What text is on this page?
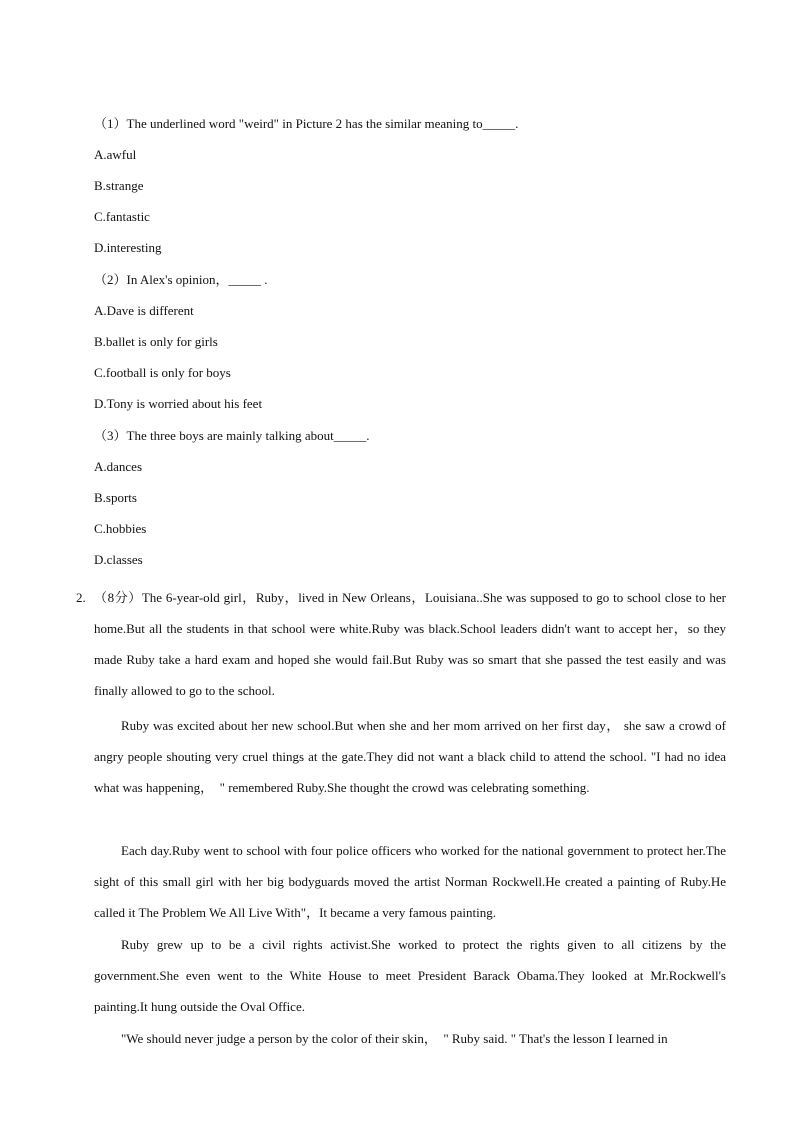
（1）The underlined word "weird" in Picture 2 has the similar meaning to_____.
A.awful
B.strange
C.fantastic
D.interesting
（2）In Alex's opinion，_____ .
A.Dave is different
B.ballet is only for girls
C.football is only for boys
D.Tony is worried about his feet
（3）The three boys are mainly talking about_____.
A.dances
B.sports
C.hobbies
D.classes
2. （8分）The 6-year-old girl，Ruby，lived in New Orleans，Louisiana..She was supposed to go to school close to her home.But all the students in that school were white.Ruby was black.School leaders didn't want to accept her，so they made Ruby take a hard exam and hoped she would fail.But Ruby was so smart that she passed the test easily and was finally allowed to go to the school.
Ruby was excited about her new school.But when she and her mom arrived on her first day， she saw a crowd of angry people shouting very cruel things at the gate.They did not want a black child to attend the school. "I had no idea what was happening，　" remembered Ruby.She thought the crowd was celebrating something.
Each day.Ruby went to school with four police officers who worked for the national government to protect her.The sight of this small girl with her big bodyguards moved the artist Norman Rockwell.He created a painting of Ruby.He called it The Problem We All Live With"，It became a very famous painting.
Ruby grew up to be a civil rights activist.She worked to protect the rights given to all citizens by the government.She even went to the White House to meet President Barack Obama.They looked at Mr.Rockwell's painting.It hung outside the Oval Office.
"We should never judge a person by the color of their skin，　" Ruby said. " That's the lesson I learned in
